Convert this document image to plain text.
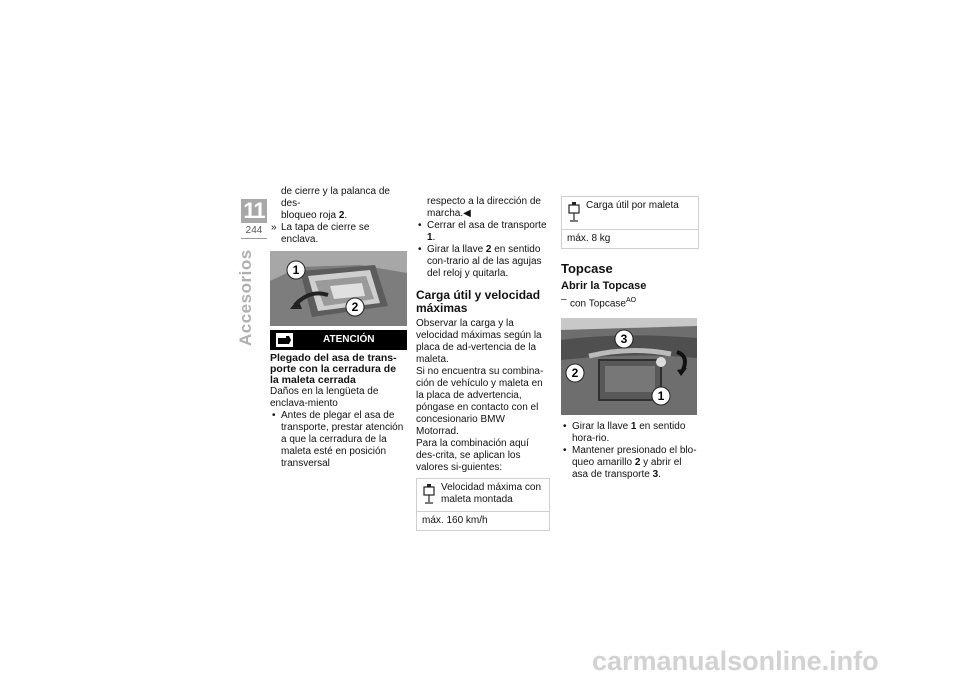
11
244
Accesorios

de cierre y la palanca de des-
bloqueo roja 2.

» La tapa de cierre se enclava.

1
2
ATENCIÓN

Plegado del asa de trans-porte con la cerradura de la maleta cerrada

Daños en la lengüeta de enclava-miento

• Antes de plegar el asa de transporte, prestar atención a que la cerradura de la maleta esté en posición transversal

respecto a la dirección de marcha.◀

• Cerrar el asa de transporte 1.

• Girar la llave 2 en sentido con-trario al de las agujas del reloj y quitarla.

Carga útil y velocidad máximas

Observar la carga y la velocidad máximas según la placa de ad-vertencia de la maleta.

Si no encuentra su combina-ción de vehículo y maleta en la placa de advertencia, póngase en contacto con el concesionario BMW Motorrad.

Para la combinación aquí des-crita, se aplican los valores si-guientes:

Velocidad máxima con maleta montada
máx. 160 km/h
Carga útil por maleta
máx. 8 kg
Topcase
Abrir la Topcase

– con Topcase$^{AO}$

3
2
1

• Girar la llave 1 en sentido hora-rio.

• Mantener presionado el blo-queo amarillo 2 y abrir el asa de transporte 3.

carmanualsonline.info
